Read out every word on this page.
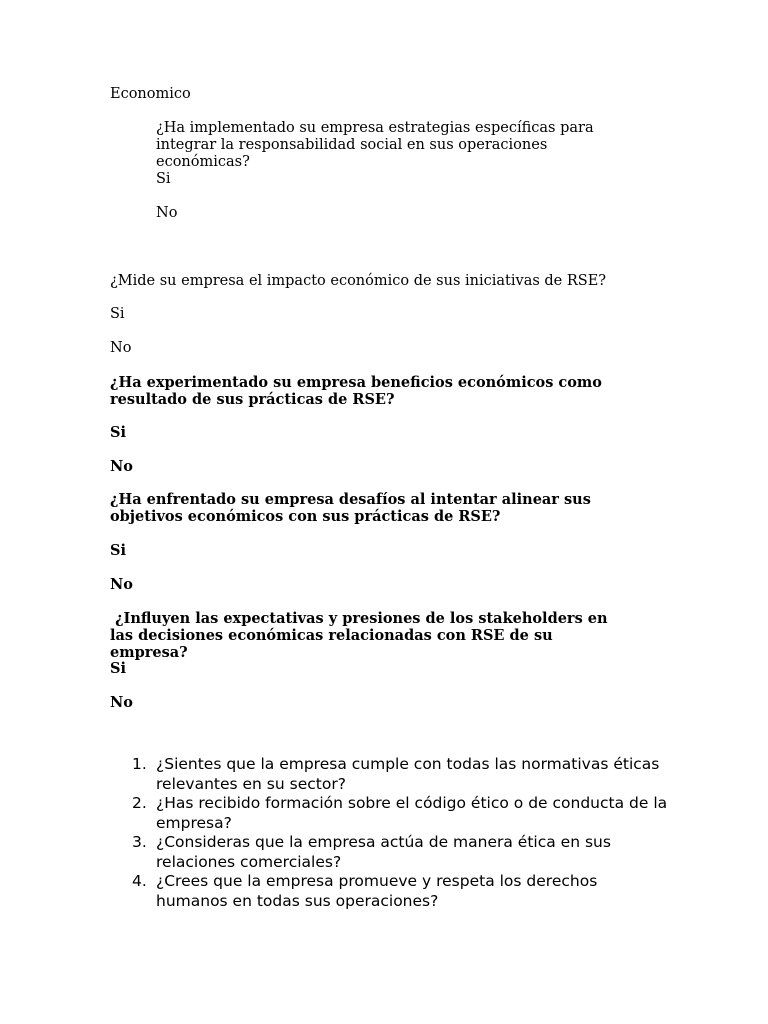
Economico

¿Ha implementado su empresa estrategias específicas para integrar la responsabilidad social en sus operaciones económicas?

Si

No

¿Mide su empresa el impacto económico de sus iniciativas de RSE?

Si

No

¿Ha experimentado su empresa beneficios económicos como resultado de sus prácticas de RSE?

Si

No

¿Ha enfrentado su empresa desafíos al intentar alinear sus objetivos económicos con sus prácticas de RSE?

Si

No

¿Influyen las expectativas y presiones de los stakeholders en las decisiones económicas relacionadas con RSE de su empresa?

Si

No

1. ¿Sientes que la empresa cumple con todas las normativas éticas relevantes en su sector?
2. ¿Has recibido formación sobre el código ético o de conducta de la empresa?
3. ¿Consideras que la empresa actúa de manera ética en sus relaciones comerciales?
4. ¿Crees que la empresa promueve y respeta los derechos humanos en todas sus operaciones?
